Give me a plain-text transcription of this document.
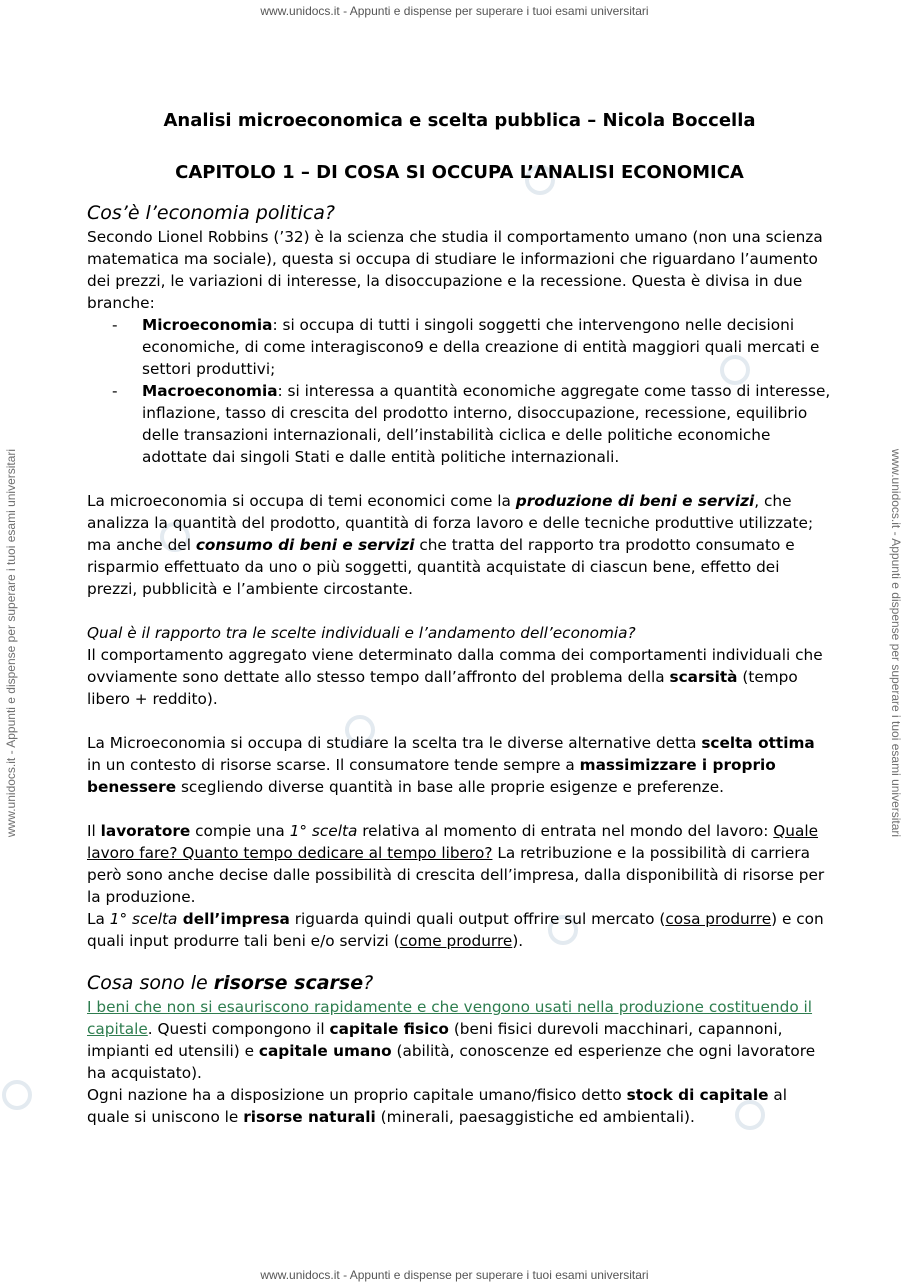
www.unidocs.it - Appunti e dispense per superare i tuoi esami universitari
www.unidocs.it - Appunti e dispense per superare i tuoi esami universitari
www.unidocs.it - Appunti e dispense per superare i tuoi esami universitari	www.unidocs.it - Appunti e dispense per superare i tuoi esami universitari
Analisi microeconomica e scelta pubblica – Nicola Boccella
CAPITOLO 1 – DI COSA SI OCCUPA L’ANALISI ECONOMICA
Cos’è l’economia politica?

Secondo Lionel Robbins (’32) è la scienza che studia il comportamento umano (non una scienza matematica ma sociale), questa si occupa di studiare le informazioni che riguardano l’aumento dei prezzi, le variazioni di interesse, la disoccupazione e la recessione. Questa è divisa in due branche:

- Microeconomia: si occupa di tutti i singoli soggetti che intervengono nelle decisioni economiche, di come interagiscono9 e della creazione di entità maggiori quali mercati e settori produttivi;
- Macroeconomia: si interessa a quantità economiche aggregate come tasso di interesse, inflazione, tasso di crescita del prodotto interno, disoccupazione, recessione, equilibrio delle transazioni internazionali, dell’instabilità ciclica e delle politiche economiche adottate dai singoli Stati e dalle entità politiche internazionali.

La microeconomia si occupa di temi economici come la produzione di beni e servizi, che analizza la quantità del prodotto, quantità di forza lavoro e delle tecniche produttive utilizzate; ma anche del consumo di beni e servizi che tratta del rapporto tra prodotto consumato e risparmio effettuato da uno o più soggetti, quantità acquistate di ciascun bene, effetto dei prezzi, pubblicità e l’ambiente circostante.

Qual è il rapporto tra le scelte individuali e l’andamento dell’economia?

Il comportamento aggregato viene determinato dalla comma dei comportamenti individuali che ovviamente sono dettate allo stesso tempo dall’affronto del problema della scarsità (tempo libero + reddito).

La Microeconomia si occupa di studiare la scelta tra le diverse alternative detta scelta ottima in un contesto di risorse scarse. Il consumatore tende sempre a massimizzare i proprio benessere scegliendo diverse quantità in base alle proprie esigenze e preferenze.

Il lavoratore compie una 1° scelta relativa al momento di entrata nel mondo del lavoro: Quale lavoro fare? Quanto tempo dedicare al tempo libero? La retribuzione e la possibilità di carriera però sono anche decise dalle possibilità di crescita dell’impresa, dalla disponibilità di risorse per la produzione.

La 1° scelta dell’impresa riguarda quindi quali output offrire sul mercato (cosa produrre) e con quali input produrre tali beni e/o servizi (come produrre).

Cosa sono le risorse scarse?

I beni che non si esauriscono rapidamente e che vengono usati nella produzione costituendo il capitale. Questi compongono il capitale fisico (beni fisici durevoli macchinari, capannoni, impianti ed utensili) e capitale umano (abilità, conoscenze ed esperienze che ogni lavoratore ha acquistato).

Ogni nazione ha a disposizione un proprio capitale umano/fisico detto stock di capitale al quale si uniscono le risorse naturali (minerali, paesaggistiche ed ambientali).
